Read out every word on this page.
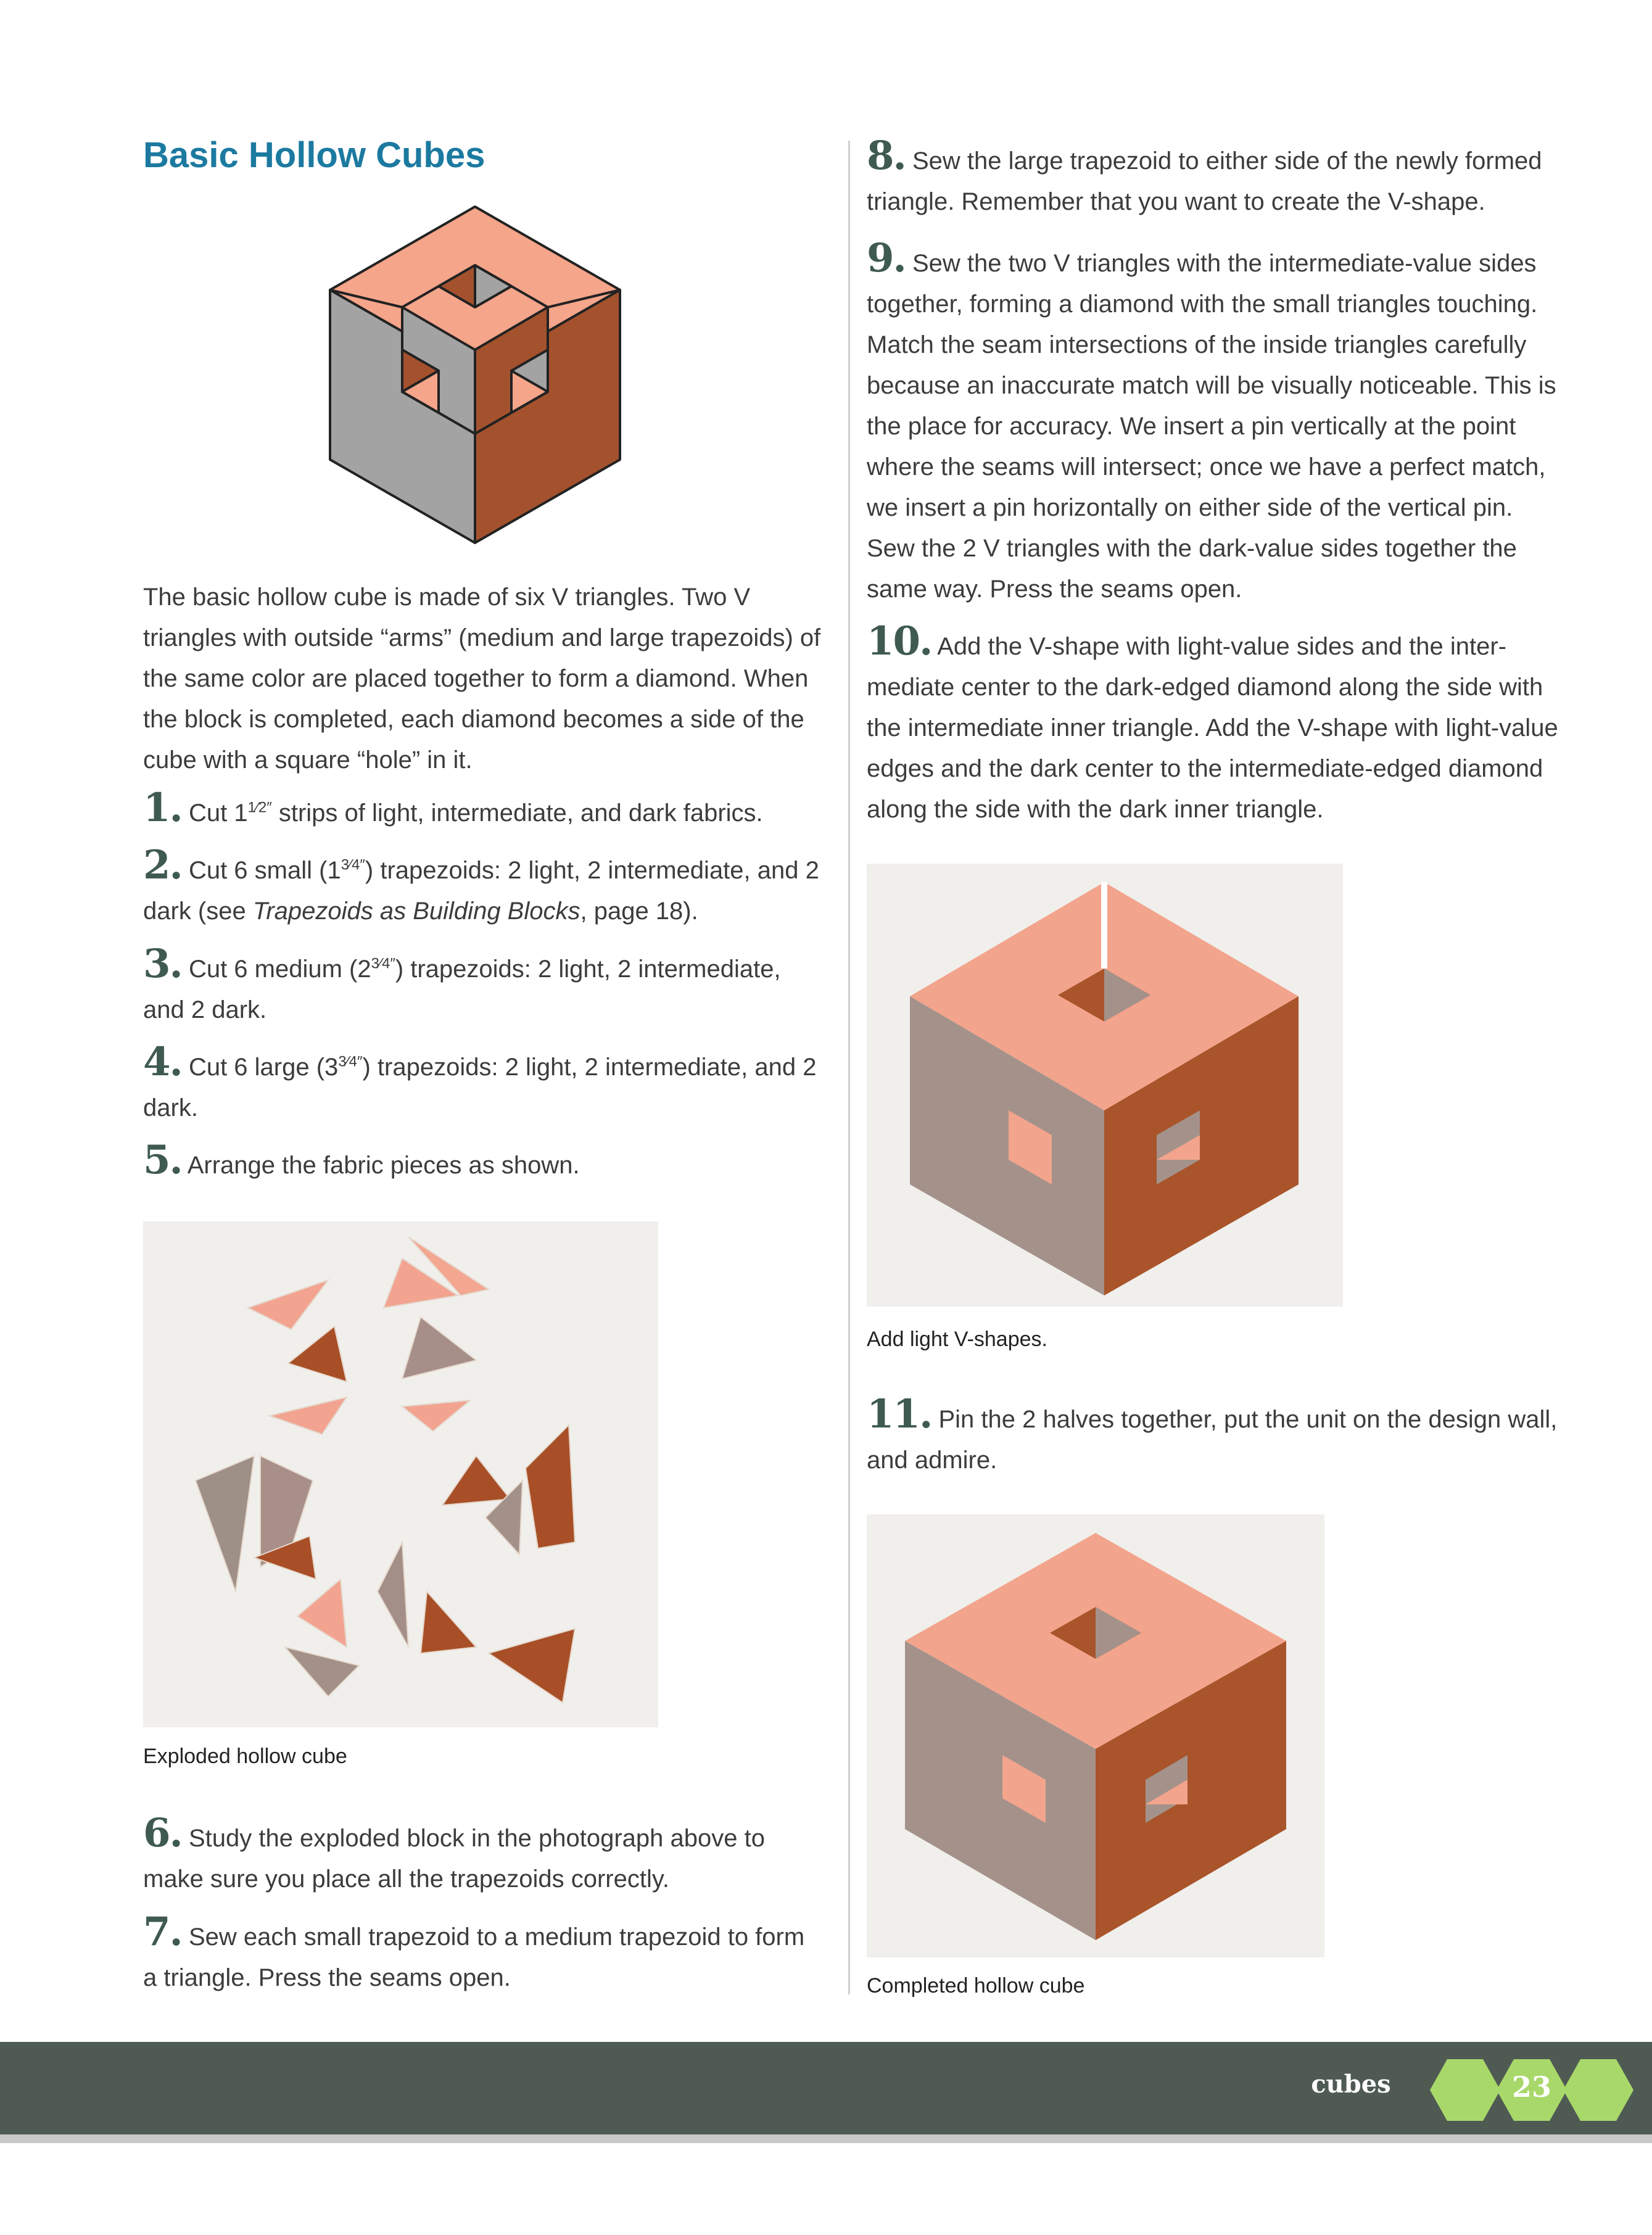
Basic Hollow Cubes

The basic hollow cube is made of six V triangles. Two V triangles with outside “arms” (medium and large trapezoids) of the same color are placed together to form a diamond. When the block is completed, each diamond becomes a side of the cube with a square “hole” in it.

1. Cut $1^{1⁄2''}$ strips of light, intermediate, and dark fabrics.
2. Cut 6 small $(1^{3⁄4''})$ trapezoids: 2 light, 2 intermediate, and 2 dark (see Trapezoids as Building Blocks, page 18).
3. Cut 6 medium $(2^{3⁄4''})$ trapezoids: 2 light, 2 intermediate, and 2 dark.
4. Cut 6 large $(3^{3⁄4''})$ trapezoids: 2 light, 2 intermediate, and 2 dark.
5. Arrange the fabric pieces as shown.
Exploded hollow cube
6. Study the exploded block in the photograph above to make sure you place all the trapezoids correctly.
7. Sew each small trapezoid to a medium trapezoid to form a triangle. Press the seams open.
8. Sew the large trapezoid to either side of the newly formed triangle. Remember that you want to create the V-shape.
9. Sew the two V triangles with the intermediate-value sides together, forming a diamond with the small triangles touching. Match the seam intersections of the inside triangles carefully because an inaccurate match will be visually noticeable. This is the place for accuracy. We insert a pin vertically at the point where the seams will intersect; once we have a perfect match, we insert a pin horizontally on either side of the vertical pin. Sew the 2 V triangles with the dark-value sides together the same way. Press the seams open.
10. Add the V-shape with light-value sides and the inter-mediate center to the dark-edged diamond along the side with the intermediate inner triangle. Add the V-shape with light-value edges and the dark center to the intermediate-edged diamond along the side with the dark inner triangle.
Add light V-shapes.
11. Pin the 2 halves together, put the unit on the design wall, and admire.
Completed hollow cube
cubes	23
